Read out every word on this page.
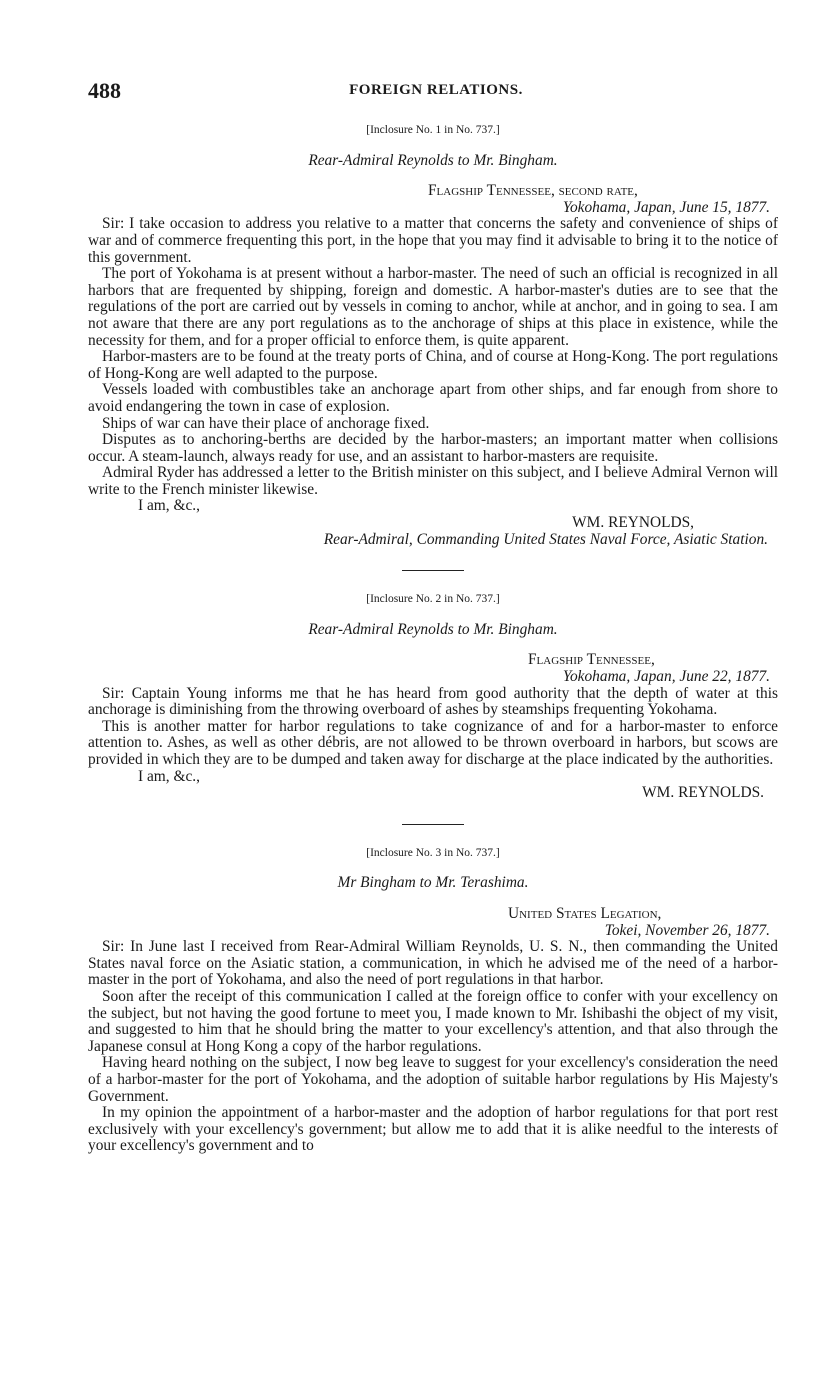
488	FOREIGN RELATIONS.
[Inclosure No. 1 in No. 737.]
Rear-Admiral Reynolds to Mr. Bingham.
Flagship Tennessee, second rate,
Yokohama, Japan, June 15, 1877.

Sir: I take occasion to address you relative to a matter that concerns the safety and convenience of ships of war and of commerce frequenting this port, in the hope that you may find it advisable to bring it to the notice of this government.

The port of Yokohama is at present without a harbor-master. The need of such an official is recognized in all harbors that are frequented by shipping, foreign and domestic. A harbor-master's duties are to see that the regulations of the port are carried out by vessels in coming to anchor, while at anchor, and in going to sea. I am not aware that there are any port regulations as to the anchorage of ships at this place in existence, while the necessity for them, and for a proper official to enforce them, is quite apparent.

Harbor-masters are to be found at the treaty ports of China, and of course at Hong-Kong. The port regulations of Hong-Kong are well adapted to the purpose.

Vessels loaded with combustibles take an anchorage apart from other ships, and far enough from shore to avoid endangering the town in case of explosion.

Ships of war can have their place of anchorage fixed.

Disputes as to anchoring-berths are decided by the harbor-masters; an important matter when collisions occur. A steam-launch, always ready for use, and an assistant to harbor-masters are requisite.

Admiral Ryder has addressed a letter to the British minister on this subject, and I believe Admiral Vernon will write to the French minister likewise.

I am, &c.,
WM. REYNOLDS,
Rear-Admiral, Commanding United States Naval Force, Asiatic Station.
[Inclosure No. 2 in No. 737.]
Rear-Admiral Reynolds to Mr. Bingham.
Flagship Tennessee,
Yokohama, Japan, June 22, 1877.

Sir: Captain Young informs me that he has heard from good authority that the depth of water at this anchorage is diminishing from the throwing overboard of ashes by steamships frequenting Yokohama.

This is another matter for harbor regulations to take cognizance of and for a harbor-master to enforce attention to. Ashes, as well as other débris, are not allowed to be thrown overboard in harbors, but scows are provided in which they are to be dumped and taken away for discharge at the place indicated by the authorities.

I am, &c.,
WM. REYNOLDS.
[Inclosure No. 3 in No. 737.]
Mr Bingham to Mr. Terashima.
United States Legation,
Tokei, November 26, 1877.

Sir: In June last I received from Rear-Admiral William Reynolds, U. S. N., then commanding the United States naval force on the Asiatic station, a communication, in which he advised me of the need of a harbor-master in the port of Yokohama, and also the need of port regulations in that harbor.

Soon after the receipt of this communication I called at the foreign office to confer with your excellency on the subject, but not having the good fortune to meet you, I made known to Mr. Ishibashi the object of my visit, and suggested to him that he should bring the matter to your excellency's attention, and that also through the Japanese consul at Hong Kong a copy of the harbor regulations.

Having heard nothing on the subject, I now beg leave to suggest for your excellency's consideration the need of a harbor-master for the port of Yokohama, and the adoption of suitable harbor regulations by His Majesty's Government.

In my opinion the appointment of a harbor-master and the adoption of harbor regulations for that port rest exclusively with your excellency's government; but allow me to add that it is alike needful to the interests of your excellency's government and to
